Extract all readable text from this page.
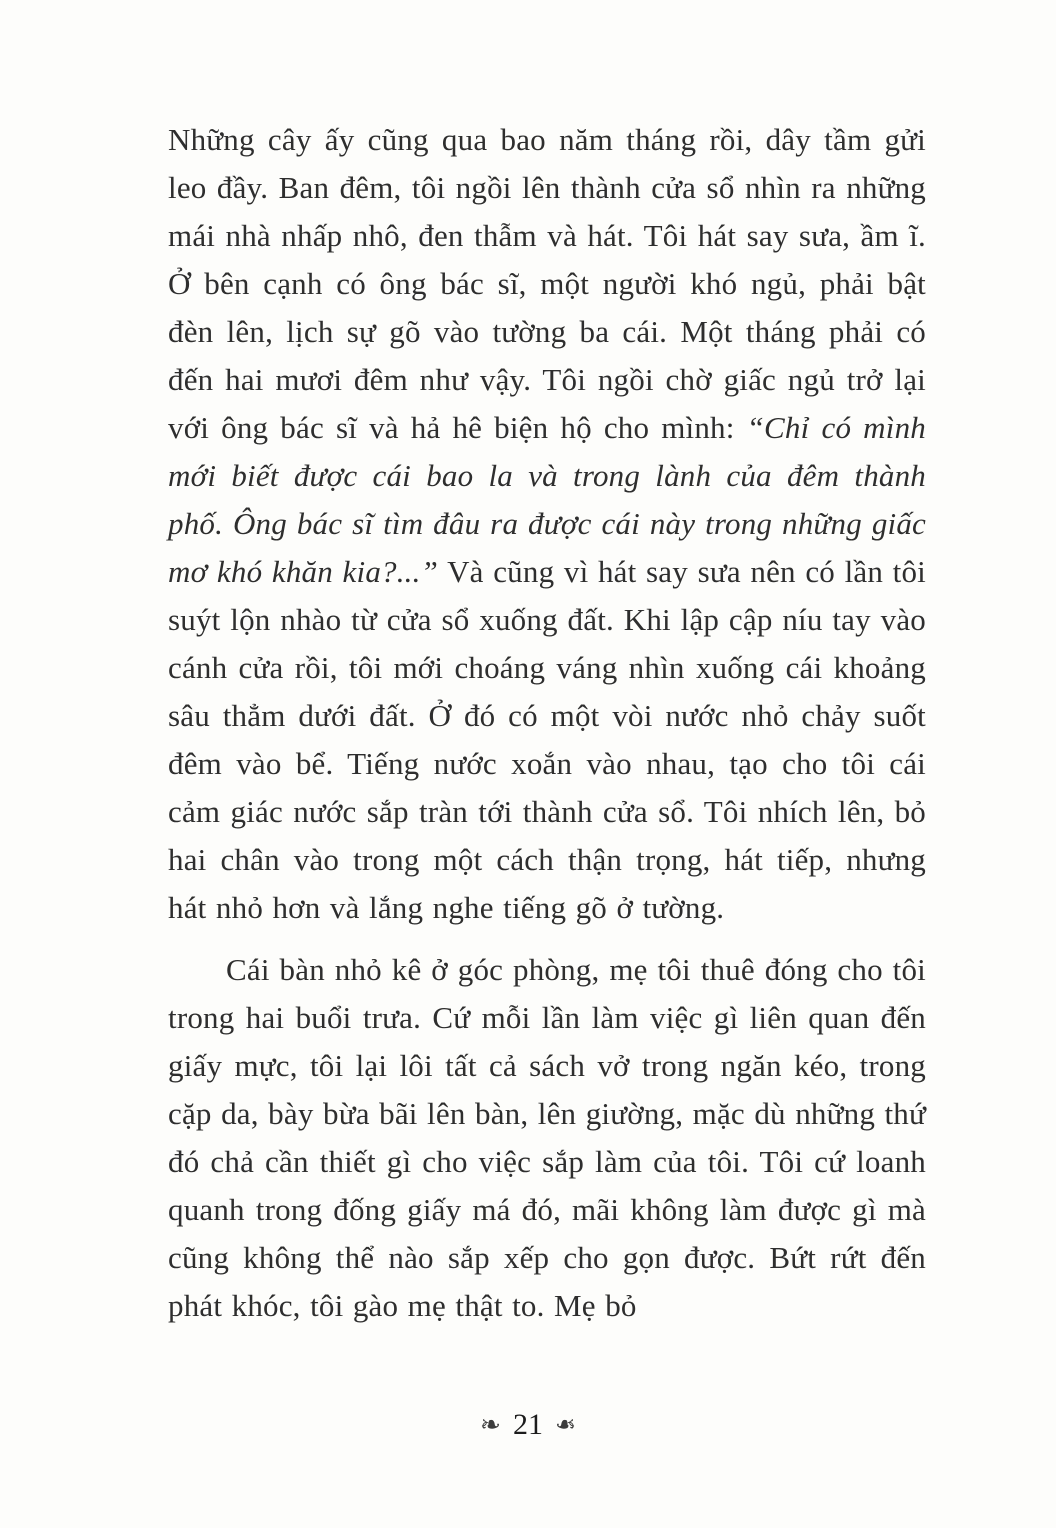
Những cây ấy cũng qua bao năm tháng rồi, dây tầm gửi leo đầy. Ban đêm, tôi ngồi lên thành cửa sổ nhìn ra những mái nhà nhấp nhô, đen thẫm và hát. Tôi hát say sưa, ầm ĩ. Ở bên cạnh có ông bác sĩ, một người khó ngủ, phải bật đèn lên, lịch sự gõ vào tường ba cái. Một tháng phải có đến hai mươi đêm như vậy. Tôi ngồi chờ giấc ngủ trở lại với ông bác sĩ và hả hê biện hộ cho mình: “Chỉ có mình mới biết được cái bao la và trong lành của đêm thành phố. Ông bác sĩ tìm đâu ra được cái này trong những giấc mơ khó khăn kia?...” Và cũng vì hát say sưa nên có lần tôi suýt lộn nhào từ cửa sổ xuống đất. Khi lập cập níu tay vào cánh cửa rồi, tôi mới choáng váng nhìn xuống cái khoảng sâu thẳm dưới đất. Ở đó có một vòi nước nhỏ chảy suốt đêm vào bể. Tiếng nước xoắn vào nhau, tạo cho tôi cái cảm giác nước sắp tràn tới thành cửa sổ. Tôi nhích lên, bỏ hai chân vào trong một cách thận trọng, hát tiếp, nhưng hát nhỏ hơn và lắng nghe tiếng gõ ở tường.

Cái bàn nhỏ kê ở góc phòng, mẹ tôi thuê đóng cho tôi trong hai buổi trưa. Cứ mỗi lần làm việc gì liên quan đến giấy mực, tôi lại lôi tất cả sách vở trong ngăn kéo, trong cặp da, bày bừa bãi lên bàn, lên giường, mặc dù những thứ đó chả cần thiết gì cho việc sắp làm của tôi. Tôi cứ loanh quanh trong đống giấy má đó, mãi không làm được gì mà cũng không thể nào sắp xếp cho gọn được. Bứt rứt đến phát khóc, tôi gào mẹ thật to. Mẹ bỏ

❧ 21 ❧
